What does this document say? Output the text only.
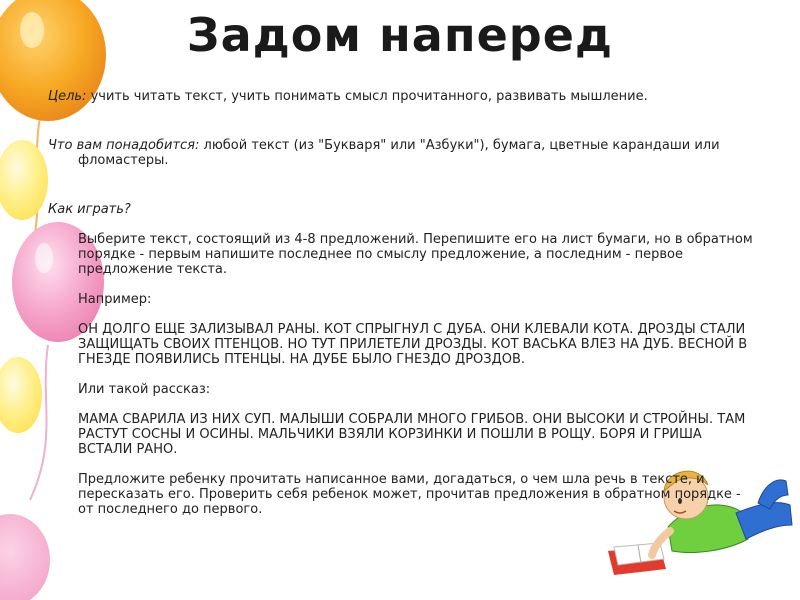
Задом наперед

Цель: учить читать текст, учить понимать смысл прочитанного, развивать мышление.

Что вам понадобится: любой текст (из "Букваря" или "Азбуки"), бумага, цветные карандаши или фломастеры.

Как играть?

Выберите текст, состоящий из 4-8 предложений. Перепишите его на лист бумаги, но в обратном порядке - первым напишите последнее по смыслу предложение, а последним - первое предложение текста.

Например:

ОН ДОЛГО ЕЩЕ ЗАЛИЗЫВАЛ РАНЫ. КОТ СПРЫГНУЛ С ДУБА. ОНИ КЛЕВАЛИ КОТА. ДРОЗДЫ СТАЛИ ЗАЩИЩАТЬ СВОИХ ПТЕНЦОВ. НО ТУТ ПРИЛЕТЕЛИ ДРОЗДЫ. КОТ ВАСЬКА ВЛЕЗ НА ДУБ. ВЕСНОЙ В ГНЕЗДЕ ПОЯВИЛИСЬ ПТЕНЦЫ. НА ДУБЕ БЫЛО ГНЕЗДО ДРОЗДОВ.

Или такой рассказ:

МАМА СВАРИЛА ИЗ НИХ СУП. МАЛЫШИ СОБРАЛИ МНОГО ГРИБОВ. ОНИ ВЫСОКИ И СТРОЙНЫ. ТАМ РАСТУТ СОСНЫ И ОСИНЫ. МАЛЬЧИКИ ВЗЯЛИ КОРЗИНКИ И ПОШЛИ В РОЩУ. БОРЯ И ГРИША ВСТАЛИ РАНО.

Предложите ребенку прочитать написанное вами, догадаться, о чем шла речь в тексте, и пересказать его. Проверить себя ребенок может, прочитав предложения в обратном порядке - от последнего до первого.
